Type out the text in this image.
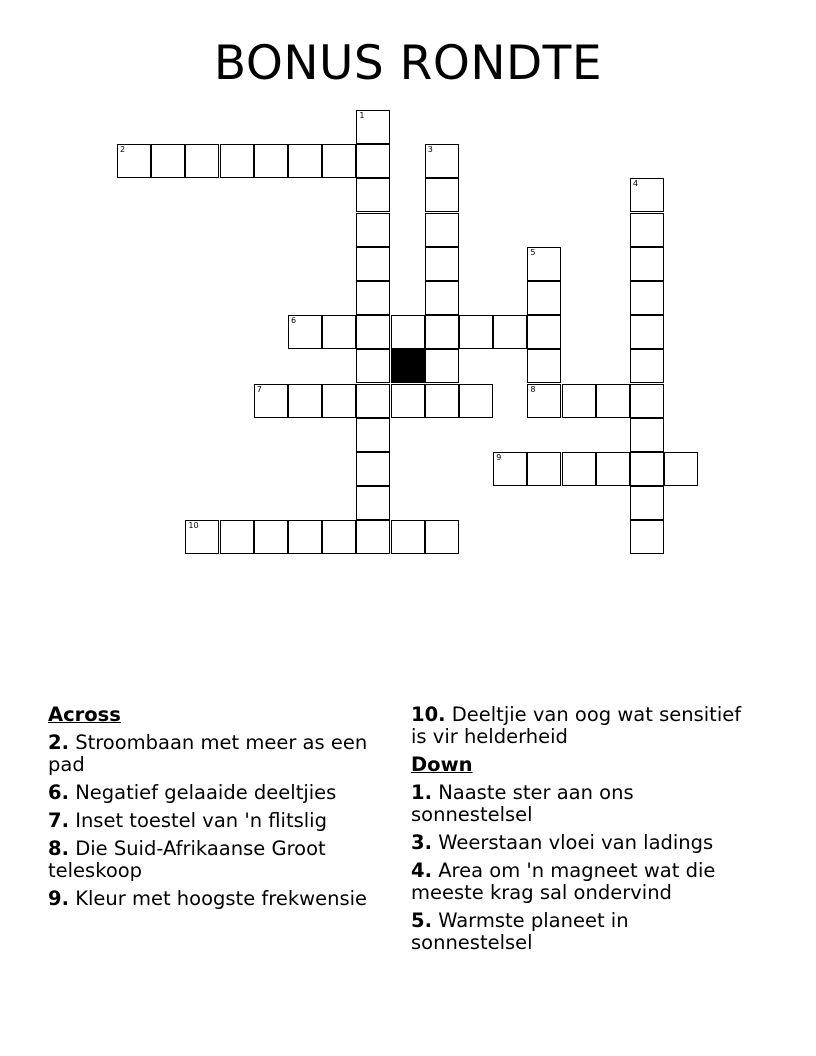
BONUS RONDTE
1
2	3
4
5
8
6
7
9
10
Across
2. Stroombaan met meer as een pad
6. Negatief gelaaide deeltjies
7. Inset toestel van 'n flitslig
8. Die Suid-Afrikaanse Groot teleskoop
9. Kleur met hoogste frekwensie
10. Deeltjie van oog wat sensitief is vir helderheid
Down
1. Naaste ster aan ons sonnestelsel
3. Weerstaan vloei van ladings
4. Area om 'n magneet wat die meeste krag sal ondervind
5. Warmste planeet in sonnestelsel
